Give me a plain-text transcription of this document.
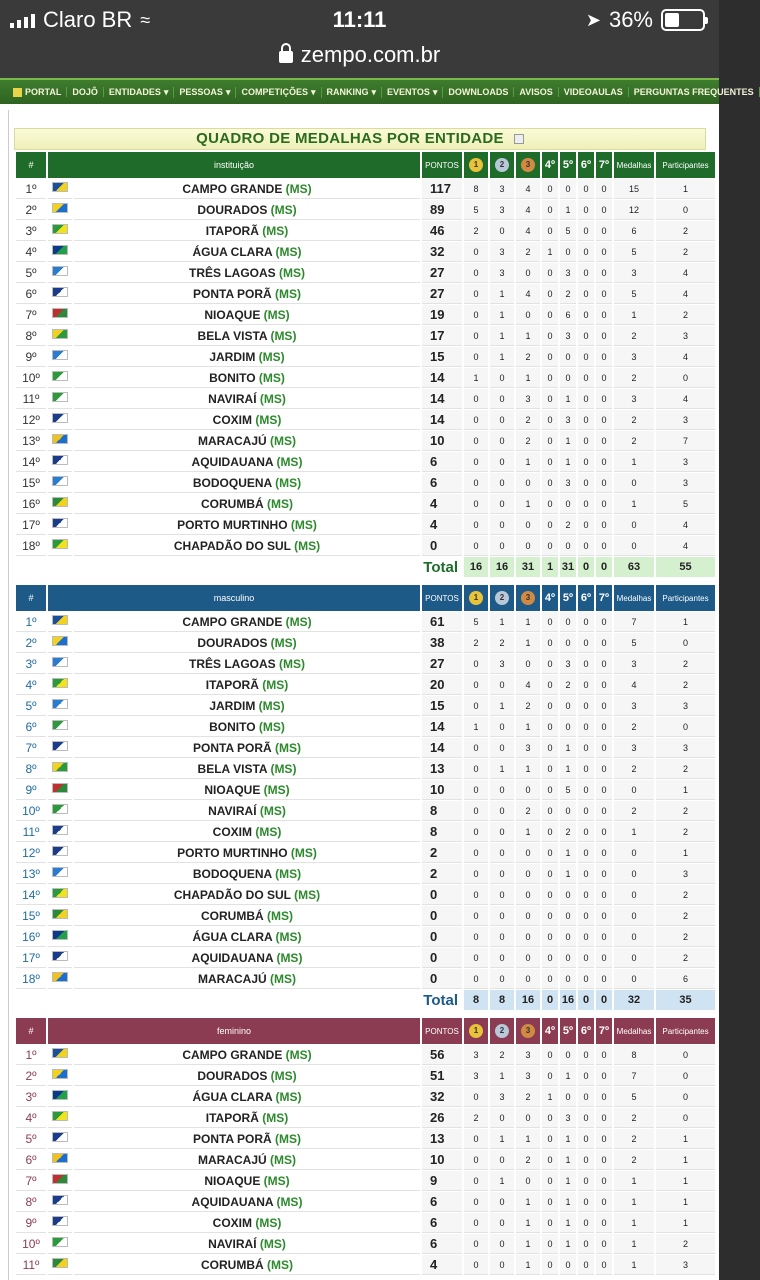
Claro BR ≈	11:11	➤ 36%
zempo.com.br
PORTAL DOJÔ ENTIDADES ▾ PESSOAS ▾ COMPETIÇÕES ▾ RANKING ▾ EVENTOS ▾ DOWNLOADS AVISOS VIDEOAULAS PERGUNTAS FREQUENTES
QUADRO DE MEDALHAS POR ENTIDADE
#	instituição		PONTOS	1	2	3	4º	5º	6º	7º	Medalhas	Participantes
1º		CAMPO GRANDE (MS)	117	8	3	4	0	0	0	0	15	1
2º		DOURADOS (MS)	89	5	3	4	0	1	0	0	12	0
3º		ITAPORÃ (MS)	46	2	0	4	0	5	0	0	6	2
4º		ÁGUA CLARA (MS)	32	0	3	2	1	0	0	0	5	2
5º		TRÊS LAGOAS (MS)	27	0	3	0	0	3	0	0	3	4
6º		PONTA PORÃ (MS)	27	0	1	4	0	2	0	0	5	4
7º		NIOAQUE (MS)	19	0	1	0	0	6	0	0	1	2
8º		BELA VISTA (MS)	17	0	1	1	0	3	0	0	2	3
9º		JARDIM (MS)	15	0	1	2	0	0	0	0	3	4
10º		BONITO (MS)	14	1	0	1	0	0	0	0	2	0
11º		NAVIRAÍ (MS)	14	0	0	3	0	1	0	0	3	4
12º		COXIM (MS)	14	0	0	2	0	3	0	0	2	3
13º		MARACAJÚ (MS)	10	0	0	2	0	1	0	0	2	7
14º		AQUIDAUANA (MS)	6	0	0	1	0	1	0	0	1	3
15º		BODOQUENA (MS)	6	0	0	0	0	3	0	0	0	3
16º		CORUMBÁ (MS)	4	0	0	1	0	0	0	0	1	5
17º		PORTO MURTINHO (MS)	4	0	0	0	0	2	0	0	0	4
18º		CHAPADÃO DO SUL (MS)	0	0	0	0	0	0	0	0	0	4
Total				16	16	31	1	31	0	0	63	55
#	masculino		PONTOS	1	2	3	4º	5º	6º	7º	Medalhas	Participantes
1º		CAMPO GRANDE (MS)	61	5	1	1	0	0	0	0	7	1
2º		DOURADOS (MS)	38	2	2	1	0	0	0	0	5	0
3º		TRÊS LAGOAS (MS)	27	0	3	0	0	3	0	0	3	2
4º		ITAPORÃ (MS)	20	0	0	4	0	2	0	0	4	2
5º		JARDIM (MS)	15	0	1	2	0	0	0	0	3	3
6º		BONITO (MS)	14	1	0	1	0	0	0	0	2	0
7º		PONTA PORÃ (MS)	14	0	0	3	0	1	0	0	3	3
8º		BELA VISTA (MS)	13	0	1	1	0	1	0	0	2	2
9º		NIOAQUE (MS)	10	0	0	0	0	5	0	0	0	1
10º		NAVIRAÍ (MS)	8	0	0	2	0	0	0	0	2	2
11º		COXIM (MS)	8	0	0	1	0	2	0	0	1	2
12º		PORTO MURTINHO (MS)	2	0	0	0	0	1	0	0	0	1
13º		BODOQUENA (MS)	2	0	0	0	0	1	0	0	0	3
14º		CHAPADÃO DO SUL (MS)	0	0	0	0	0	0	0	0	0	2
15º		CORUMBÁ (MS)	0	0	0	0	0	0	0	0	0	2
16º		ÁGUA CLARA (MS)	0	0	0	0	0	0	0	0	0	2
17º		AQUIDAUANA (MS)	0	0	0	0	0	0	0	0	0	2
18º		MARACAJÚ (MS)	0	0	0	0	0	0	0	0	0	6
Total				8	8	16	0	16	0	0	32	35
#	feminino		PONTOS	1	2	3	4º	5º	6º	7º	Medalhas	Participantes
1º		CAMPO GRANDE (MS)	56	3	2	3	0	0	0	0	8	0
2º		DOURADOS (MS)	51	3	1	3	0	1	0	0	7	0
3º		ÁGUA CLARA (MS)	32	0	3	2	1	0	0	0	5	0
4º		ITAPORÃ (MS)	26	2	0	0	0	3	0	0	2	0
5º		PONTA PORÃ (MS)	13	0	1	1	0	1	0	0	2	1
6º		MARACAJÚ (MS)	10	0	0	2	0	1	0	0	2	1
7º		NIOAQUE (MS)	9	0	1	0	0	1	0	0	1	1
8º		AQUIDAUANA (MS)	6	0	0	1	0	1	0	0	1	1
9º		COXIM (MS)	6	0	0	1	0	1	0	0	1	1
10º		NAVIRAÍ (MS)	6	0	0	1	0	1	0	0	1	2
11º		CORUMBÁ (MS)	4	0	0	1	0	0	0	0	1	3
